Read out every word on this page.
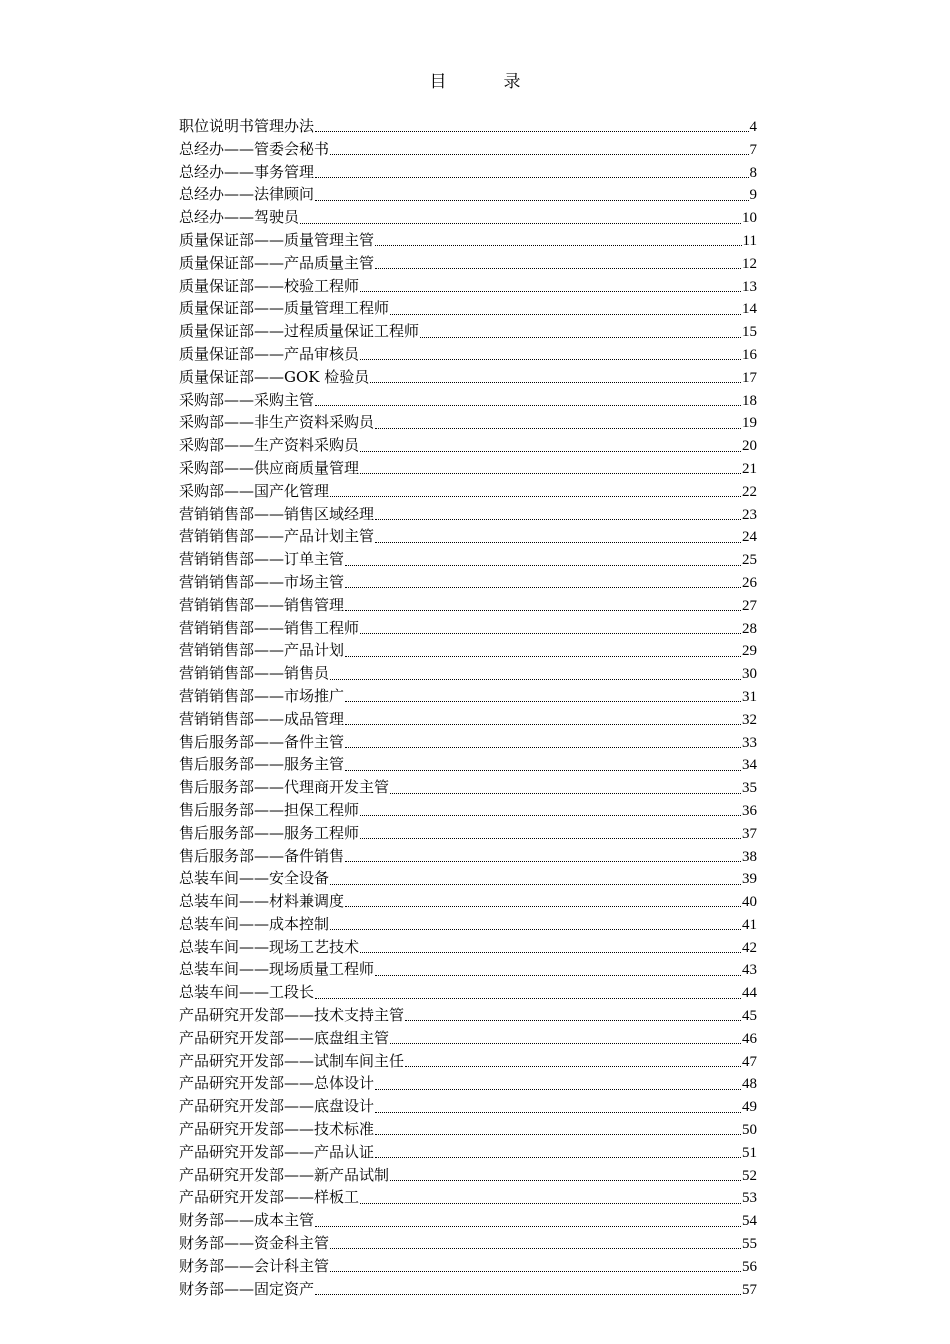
目　录
职位说明书管理办法	4
总经办——管委会秘书	7
总经办——事务管理	8
总经办——法律顾问	9
总经办——驾驶员	10
质量保证部——质量管理主管	11
质量保证部——产品质量主管	12
质量保证部——校验工程师	13
质量保证部——质量管理工程师	14
质量保证部——过程质量保证工程师	15
质量保证部——产品审核员	16
质量保证部——GOK 检验员	17
采购部——采购主管	18
采购部——非生产资料采购员	19
采购部——生产资料采购员	20
采购部——供应商质量管理	21
采购部——国产化管理	22
营销销售部——销售区域经理	23
营销销售部——产品计划主管	24
营销销售部——订单主管	25
营销销售部——市场主管	26
营销销售部——销售管理	27
营销销售部——销售工程师	28
营销销售部——产品计划	29
营销销售部——销售员	30
营销销售部——市场推广	31
营销销售部——成品管理	32
售后服务部——备件主管	33
售后服务部——服务主管	34
售后服务部——代理商开发主管	35
售后服务部——担保工程师	36
售后服务部——服务工程师	37
售后服务部——备件销售	38
总装车间——安全设备	39
总装车间——材料兼调度	40
总装车间——成本控制	41
总装车间——现场工艺技术	42
总装车间——现场质量工程师	43
总装车间——工段长	44
产品研究开发部——技术支持主管	45
产品研究开发部——底盘组主管	46
产品研究开发部——试制车间主任	47
产品研究开发部——总体设计	48
产品研究开发部——底盘设计	49
产品研究开发部——技术标准	50
产品研究开发部——产品认证	51
产品研究开发部——新产品试制	52
产品研究开发部——样板工	53
财务部——成本主管	54
财务部——资金科主管	55
财务部——会计科主管	56
财务部——固定资产	57
